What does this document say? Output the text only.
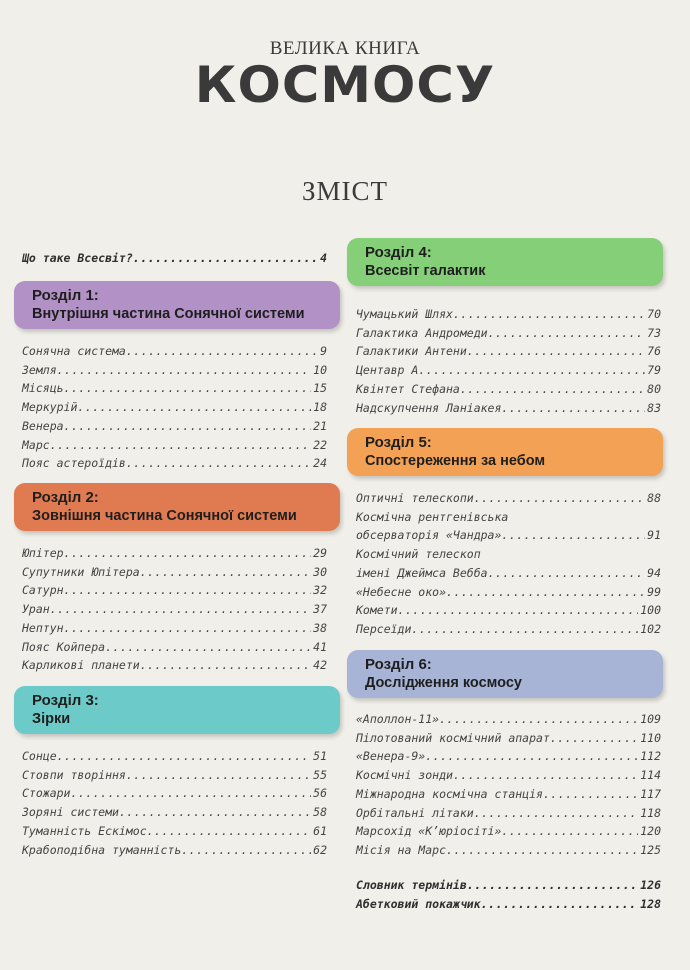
ВЕЛИКА КНИГА
КОСМОСУ
ЗМІСТ
Що таке Всесвіт? .....	4
Розділ 1:
Внутрішня частина Сонячної системи
Сонячна система .....	9
Земля .....	10
Місяць .....	15
Меркурій .....	18
Венера .....	21
Марс .....	22
Пояс астероїдів .....	24
Розділ 2:
Зовнішня частина Сонячної системи
Юпітер .....	29
Супутники Юпітера .....	30
Сатурн .....	32
Уран .....	37
Нептун .....	38
Пояс Койпера .....	41
Карликові планети .....	42
Розділ 3:
Зірки
Сонце .....	51
Стовпи творіння .....	55
Стожари .....	56
Зоряні системи .....	58
Туманність Ескімос .....	61
Крабоподібна туманність .....	62
Розділ 4:
Всесвіт галактик
Чумацький Шлях .....	70
Галактика Андромеди .....	73
Галактики Антени .....	76
Центавр А .....	79
Квінтет Стефана .....	80
Надскупчення Ланіакея .....	83
Розділ 5:
Спостереження за небом
Оптичні телескопи .....	88
Космічна рентгенівська
обсерваторія «Чандра» .....	91
Космічний телескоп
імені Джеймса Вебба .....	94
«Небесне око» .....	99
Комети .....	100
Персеїди .....	102
Розділ 6:
Дослідження космосу
«Аполлон-11» .....	109
Пілотований космічний апарат .....	110
«Венера-9» .....	112
Космічні зонди .....	114
Міжнародна космічна станція .....	117
Орбітальні літаки .....	118
Марсохід «К’юріосіті» .....	120
Місія на Марс .....	125
Словник термінів .....	126
Абетковий покажчик .....	128
